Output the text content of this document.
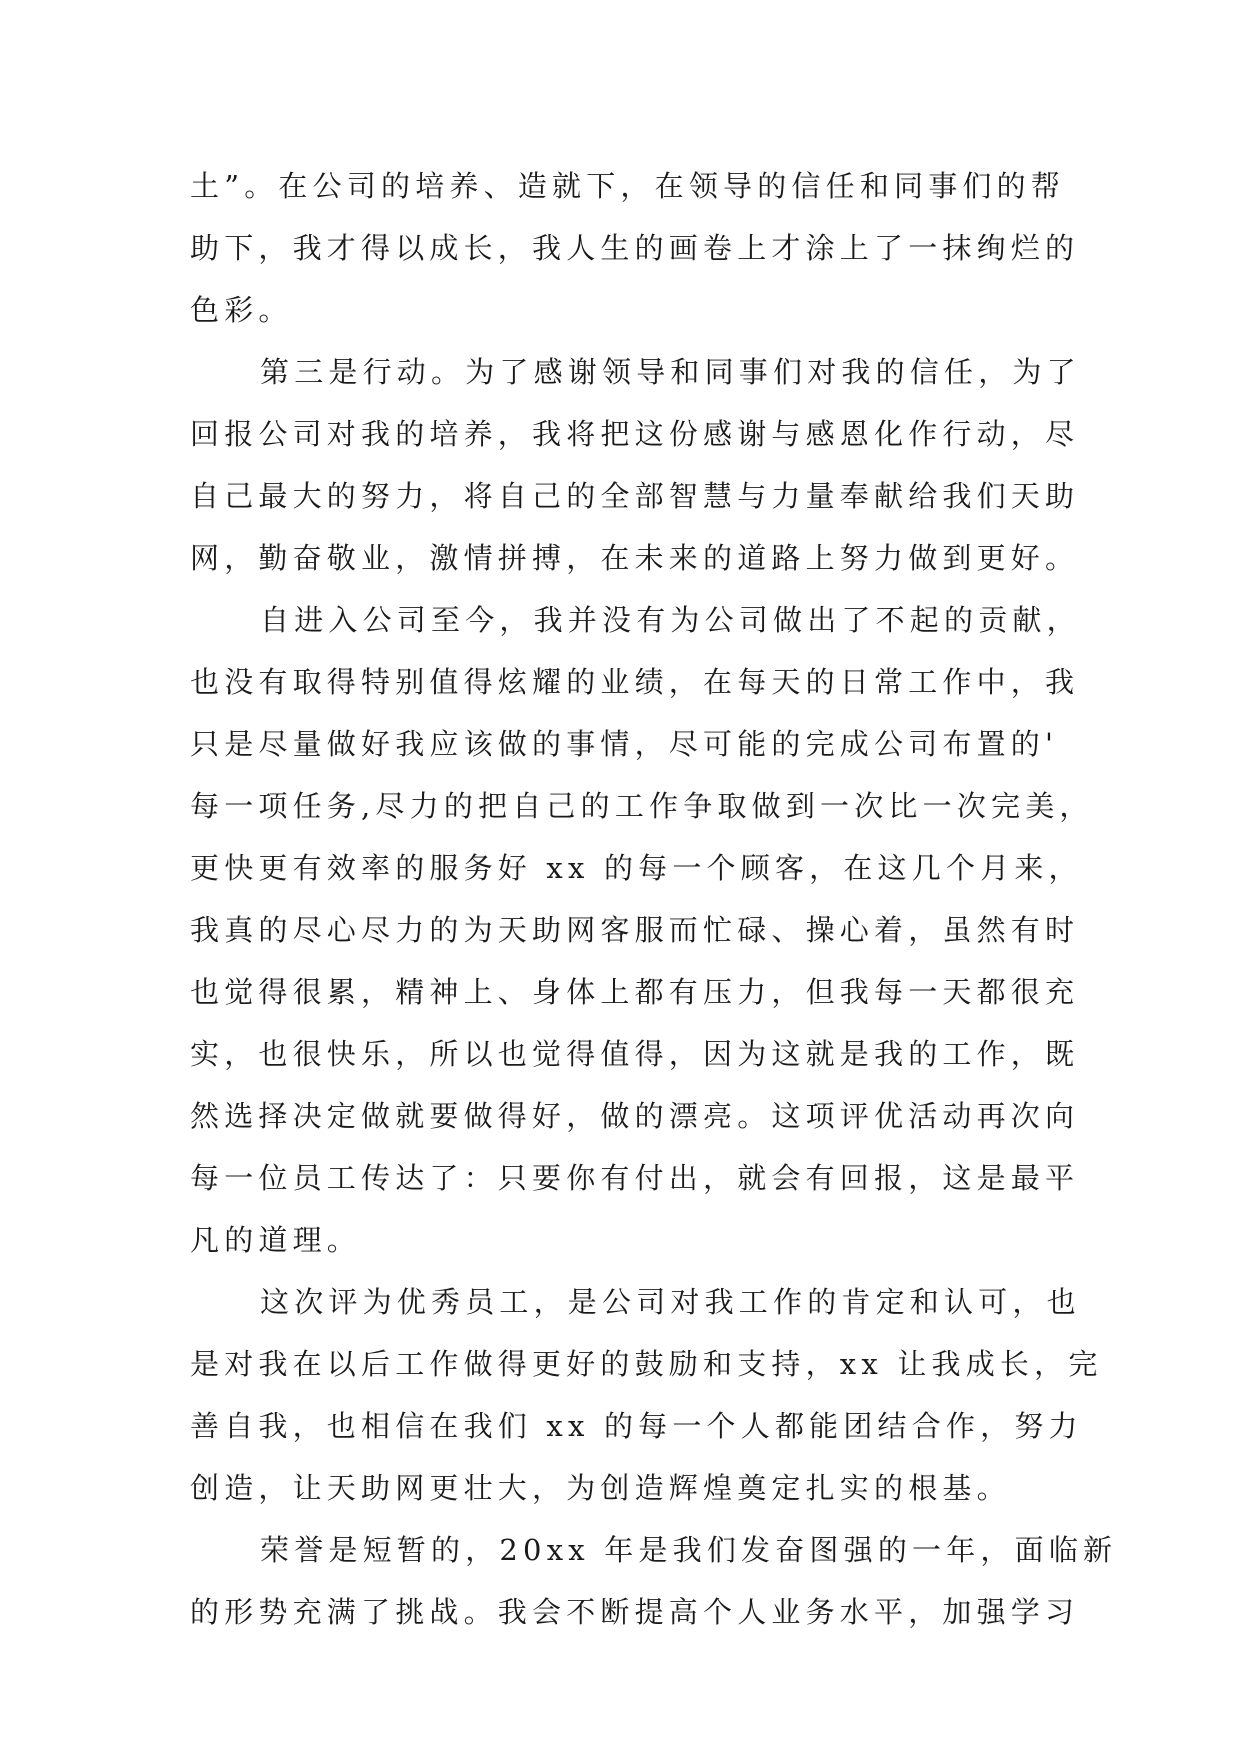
土”。在公司的培养、造就下，在领导的信任和同事们的帮
助下，我才得以成长，我人生的画卷上才涂上了一抹绚烂的
色彩。
第三是行动。为了感谢领导和同事们对我的信任，为了
回报公司对我的培养，我将把这份感谢与感恩化作行动，尽
自己最大的努力，将自己的全部智慧与力量奉献给我们天助
网，勤奋敬业，激情拼搏，在未来的道路上努力做到更好。
自进入公司至今，我并没有为公司做出了不起的贡献，
也没有取得特别值得炫耀的业绩，在每天的日常工作中，我
只是尽量做好我应该做的事情，尽可能的完成公司布置的'
每一项任务,尽力的把自己的工作争取做到一次比一次完美，
更快更有效率的服务好 xx 的每一个顾客，在这几个月来，
我真的尽心尽力的为天助网客服而忙碌、操心着，虽然有时
也觉得很累，精神上、身体上都有压力，但我每一天都很充
实，也很快乐，所以也觉得值得，因为这就是我的工作，既
然选择决定做就要做得好，做的漂亮。这项评优活动再次向
每一位员工传达了：只要你有付出，就会有回报，这是最平
凡的道理。
这次评为优秀员工，是公司对我工作的肯定和认可，也
是对我在以后工作做得更好的鼓励和支持，xx 让我成长，完
善自我，也相信在我们 xx 的每一个人都能团结合作，努力
创造，让天助网更壮大，为创造辉煌奠定扎实的根基。
荣誉是短暂的，20xx 年是我们发奋图强的一年，面临新
的形势充满了挑战。我会不断提高个人业务水平，加强学习
